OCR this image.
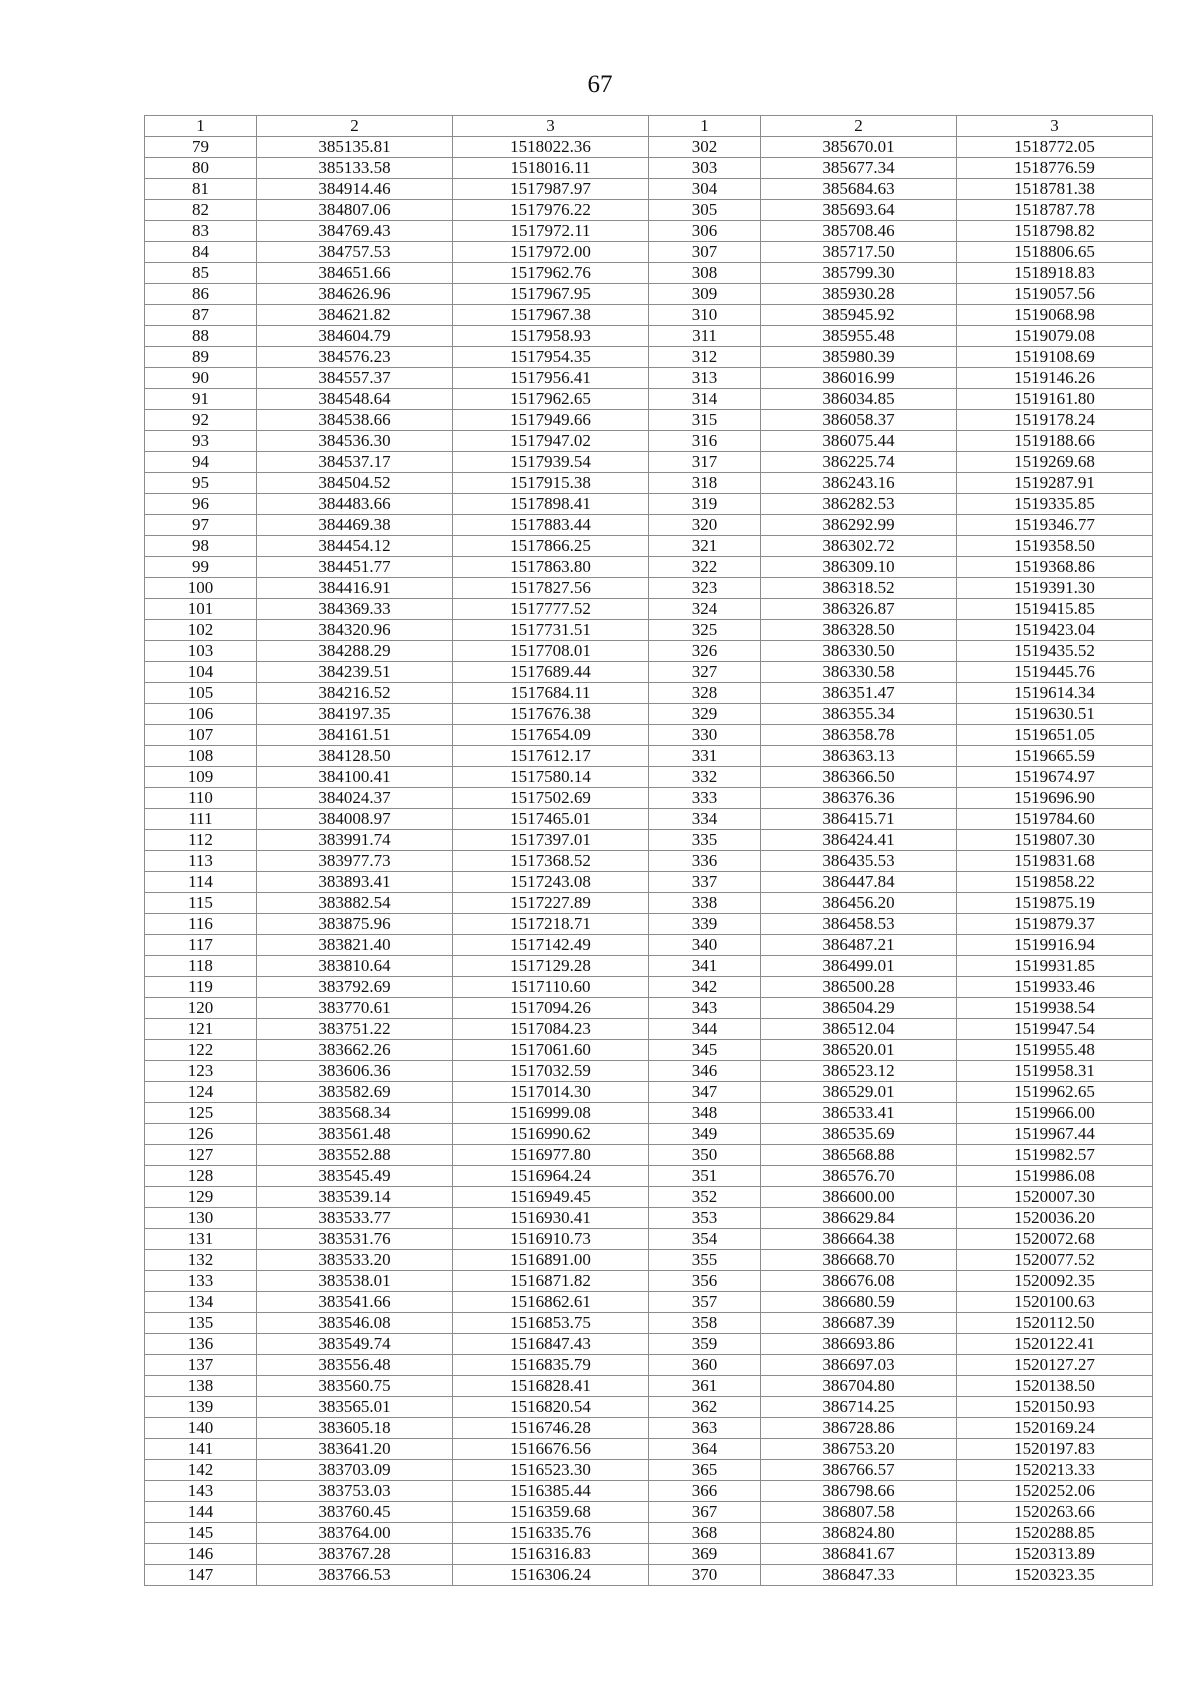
67
1	2	3	1	2	3
79	385135.81	1518022.36	302	385670.01	1518772.05
80	385133.58	1518016.11	303	385677.34	1518776.59
81	384914.46	1517987.97	304	385684.63	1518781.38
82	384807.06	1517976.22	305	385693.64	1518787.78
83	384769.43	1517972.11	306	385708.46	1518798.82
84	384757.53	1517972.00	307	385717.50	1518806.65
85	384651.66	1517962.76	308	385799.30	1518918.83
86	384626.96	1517967.95	309	385930.28	1519057.56
87	384621.82	1517967.38	310	385945.92	1519068.98
88	384604.79	1517958.93	311	385955.48	1519079.08
89	384576.23	1517954.35	312	385980.39	1519108.69
90	384557.37	1517956.41	313	386016.99	1519146.26
91	384548.64	1517962.65	314	386034.85	1519161.80
92	384538.66	1517949.66	315	386058.37	1519178.24
93	384536.30	1517947.02	316	386075.44	1519188.66
94	384537.17	1517939.54	317	386225.74	1519269.68
95	384504.52	1517915.38	318	386243.16	1519287.91
96	384483.66	1517898.41	319	386282.53	1519335.85
97	384469.38	1517883.44	320	386292.99	1519346.77
98	384454.12	1517866.25	321	386302.72	1519358.50
99	384451.77	1517863.80	322	386309.10	1519368.86
100	384416.91	1517827.56	323	386318.52	1519391.30
101	384369.33	1517777.52	324	386326.87	1519415.85
102	384320.96	1517731.51	325	386328.50	1519423.04
103	384288.29	1517708.01	326	386330.50	1519435.52
104	384239.51	1517689.44	327	386330.58	1519445.76
105	384216.52	1517684.11	328	386351.47	1519614.34
106	384197.35	1517676.38	329	386355.34	1519630.51
107	384161.51	1517654.09	330	386358.78	1519651.05
108	384128.50	1517612.17	331	386363.13	1519665.59
109	384100.41	1517580.14	332	386366.50	1519674.97
110	384024.37	1517502.69	333	386376.36	1519696.90
111	384008.97	1517465.01	334	386415.71	1519784.60
112	383991.74	1517397.01	335	386424.41	1519807.30
113	383977.73	1517368.52	336	386435.53	1519831.68
114	383893.41	1517243.08	337	386447.84	1519858.22
115	383882.54	1517227.89	338	386456.20	1519875.19
116	383875.96	1517218.71	339	386458.53	1519879.37
117	383821.40	1517142.49	340	386487.21	1519916.94
118	383810.64	1517129.28	341	386499.01	1519931.85
119	383792.69	1517110.60	342	386500.28	1519933.46
120	383770.61	1517094.26	343	386504.29	1519938.54
121	383751.22	1517084.23	344	386512.04	1519947.54
122	383662.26	1517061.60	345	386520.01	1519955.48
123	383606.36	1517032.59	346	386523.12	1519958.31
124	383582.69	1517014.30	347	386529.01	1519962.65
125	383568.34	1516999.08	348	386533.41	1519966.00
126	383561.48	1516990.62	349	386535.69	1519967.44
127	383552.88	1516977.80	350	386568.88	1519982.57
128	383545.49	1516964.24	351	386576.70	1519986.08
129	383539.14	1516949.45	352	386600.00	1520007.30
130	383533.77	1516930.41	353	386629.84	1520036.20
131	383531.76	1516910.73	354	386664.38	1520072.68
132	383533.20	1516891.00	355	386668.70	1520077.52
133	383538.01	1516871.82	356	386676.08	1520092.35
134	383541.66	1516862.61	357	386680.59	1520100.63
135	383546.08	1516853.75	358	386687.39	1520112.50
136	383549.74	1516847.43	359	386693.86	1520122.41
137	383556.48	1516835.79	360	386697.03	1520127.27
138	383560.75	1516828.41	361	386704.80	1520138.50
139	383565.01	1516820.54	362	386714.25	1520150.93
140	383605.18	1516746.28	363	386728.86	1520169.24
141	383641.20	1516676.56	364	386753.20	1520197.83
142	383703.09	1516523.30	365	386766.57	1520213.33
143	383753.03	1516385.44	366	386798.66	1520252.06
144	383760.45	1516359.68	367	386807.58	1520263.66
145	383764.00	1516335.76	368	386824.80	1520288.85
146	383767.28	1516316.83	369	386841.67	1520313.89
147	383766.53	1516306.24	370	386847.33	1520323.35
